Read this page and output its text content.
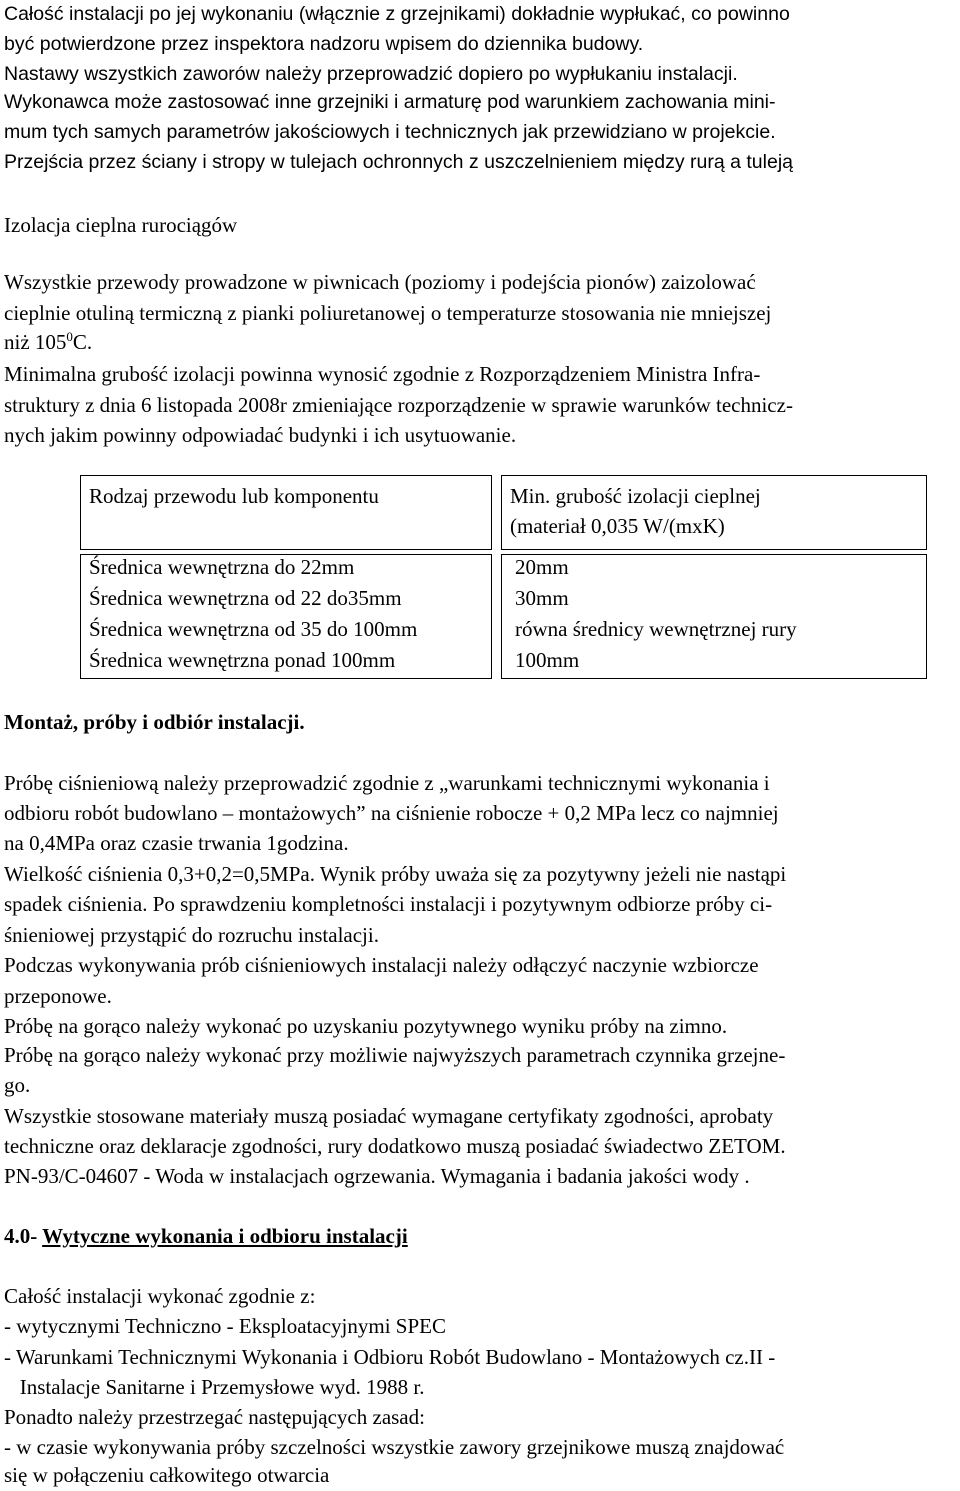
Całość instalacji po jej wykonaniu (włącznie z grzejnikami) dokładnie wypłukać, co powinno
być potwierdzone przez inspektora nadzoru wpisem do dziennika budowy.
Nastawy wszystkich zaworów należy przeprowadzić dopiero po wypłukaniu instalacji.
Wykonawca może zastosować inne grzejniki i armaturę pod warunkiem zachowania mini-
mum tych samych parametrów jakościowych i technicznych jak przewidziano w projekcie.
Przejścia przez ściany i stropy w tulejach ochronnych z uszczelnieniem między rurą a tuleją
Izolacja cieplna rurociągów
Wszystkie przewody prowadzone w piwnicach (poziomy i podejścia pionów) zaizolować
cieplnie otuliną termiczną z pianki poliuretanowej o temperaturze stosowania nie mniejszej
niż $105^0C$.
Minimalna grubość izolacji powinna wynosić zgodnie z Rozporządzeniem Ministra Infra-
struktury z dnia 6 listopada 2008r zmieniające rozporządzenie w sprawie warunków technicz-
nych jakim powinny odpowiadać budynki i ich usytuowanie.
Rodzaj przewodu lub komponentu	Min. grubość izolacji cieplnej
(materiał 0,035 W/(mxK)
Średnica wewnętrzna do 22mm
Średnica wewnętrzna od 22 do35mm
Średnica wewnętrzna od 35 do 100mm
Średnica wewnętrzna ponad 100mm
20mm
30mm
równa średnicy wewnętrznej rury
100mm
Montaż, próby i odbiór instalacji.
Próbę ciśnieniową należy przeprowadzić zgodnie z „warunkami technicznymi wykonania i
odbioru robót budowlano – montażowych” na ciśnienie robocze + 0,2 MPa lecz co najmniej
na 0,4MPa oraz czasie trwania 1godzina.
Wielkość ciśnienia 0,3+0,2=0,5MPa. Wynik próby uważa się za pozytywny jeżeli nie nastąpi
spadek ciśnienia. Po sprawdzeniu kompletności instalacji i pozytywnym odbiorze próby ci-
śnieniowej przystąpić do rozruchu instalacji.
Podczas wykonywania prób ciśnieniowych instalacji należy odłączyć naczynie wzbiorcze
przeponowe.
Próbę na gorąco należy wykonać po uzyskaniu pozytywnego wyniku próby na zimno.
Próbę na gorąco należy wykonać przy możliwie najwyższych parametrach czynnika grzejne-
go.
Wszystkie stosowane materiały muszą posiadać wymagane certyfikaty zgodności, aprobaty
techniczne oraz deklaracje zgodności, rury dodatkowo muszą posiadać świadectwo ZETOM.
PN-93/C-04607 - Woda w instalacjach ogrzewania. Wymagania i badania jakości wody .
4.0- Wytyczne wykonania i odbioru instalacji
Całość instalacji wykonać zgodnie z:
- wytycznymi Techniczno - Eksploatacyjnymi SPEC
- Warunkami Technicznymi Wykonania i Odbioru Robót Budowlano - Montażowych cz.II -
Instalacje Sanitarne i Przemysłowe wyd. 1988 r.
Ponadto należy przestrzegać następujących zasad:
- w czasie wykonywania próby szczelności wszystkie zawory grzejnikowe muszą znajdować
się w połączeniu całkowitego otwarcia
